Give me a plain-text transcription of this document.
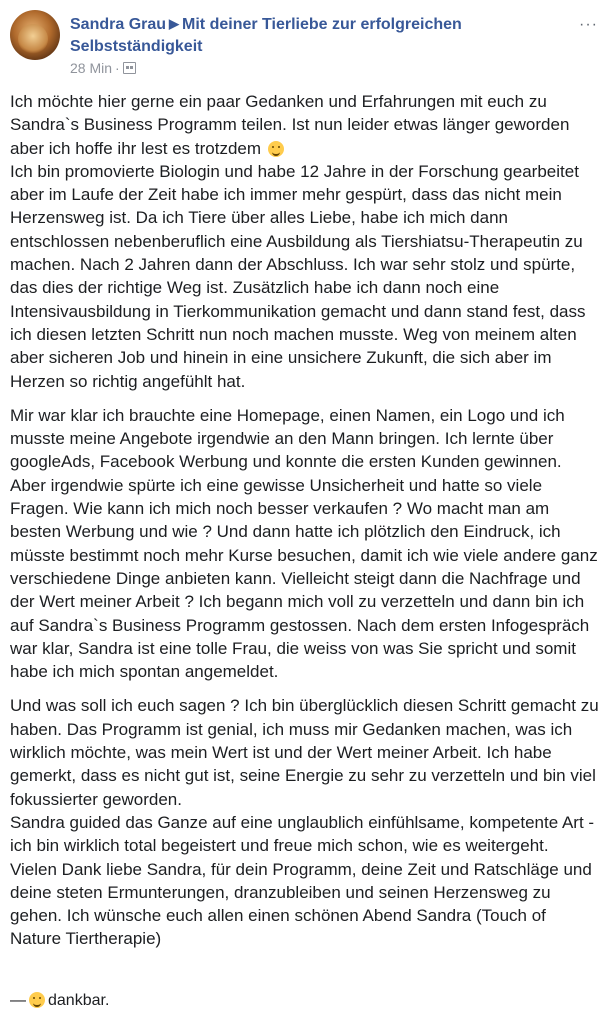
Sandra Grau ▶ Mit deiner Tierliebe zur erfolgreichen Selbstständigkeit
···
28 Min ·

Ich möchte hier gerne ein paar Gedanken und Erfahrungen mit euch zu Sandra`s Business Programm teilen. Ist nun leider etwas länger geworden aber ich hoffe ihr lest es trotzdem
Ich bin promovierte Biologin und habe 12 Jahre in der Forschung gearbeitet aber im Laufe der Zeit habe ich immer mehr gespürt, dass das nicht mein Herzensweg ist. Da ich Tiere über alles Liebe, habe ich mich dann entschlossen nebenberuflich eine Ausbildung als Tiershiatsu-Therapeutin zu machen. Nach 2 Jahren dann der Abschluss. Ich war sehr stolz und spürte, das dies der richtige Weg ist. Zusätzlich habe ich dann noch eine Intensivausbildung in Tierkommunikation gemacht und dann stand fest, dass ich diesen letzten Schritt nun noch machen musste. Weg von meinem alten aber sicheren Job und hinein in eine unsichere Zukunft, die sich aber im Herzen so richtig angefühlt hat.

Mir war klar ich brauchte eine Homepage, einen Namen, ein Logo und ich musste meine Angebote irgendwie an den Mann bringen. Ich lernte über googleAds, Facebook Werbung und konnte die ersten Kunden gewinnen. Aber irgendwie spürte ich eine gewisse Unsicherheit und hatte so viele Fragen. Wie kann ich mich noch besser verkaufen ? Wo macht man am besten Werbung und wie ? Und dann hatte ich plötzlich den Eindruck, ich müsste bestimmt noch mehr Kurse besuchen, damit ich wie viele andere ganz verschiedene Dinge anbieten kann. Vielleicht steigt dann die Nachfrage und der Wert meiner Arbeit ? Ich begann mich voll zu verzetteln und dann bin ich auf Sandra`s Business Programm gestossen. Nach dem ersten Infogespräch war klar, Sandra ist eine tolle Frau, die weiss von was Sie spricht und somit habe ich mich spontan angemeldet.

Und was soll ich euch sagen ? Ich bin überglücklich diesen Schritt gemacht zu haben. Das Programm ist genial, ich muss mir Gedanken machen, was ich wirklich möchte, was mein Wert ist und der Wert meiner Arbeit. Ich habe gemerkt, dass es nicht gut ist, seine Energie zu sehr zu verzetteln und bin viel fokussierter geworden.
Sandra guided das Ganze auf eine unglaublich einfühlsame, kompetente Art - ich bin wirklich total begeistert und freue mich schon, wie es weitergeht. Vielen Dank liebe Sandra, für dein Programm, deine Zeit und Ratschläge und deine steten Ermunterungen, dranzubleiben und seinen Herzensweg zu gehen. Ich wünsche euch allen einen schönen Abend Sandra (Touch of Nature Tiertherapie)

— dankbar.
